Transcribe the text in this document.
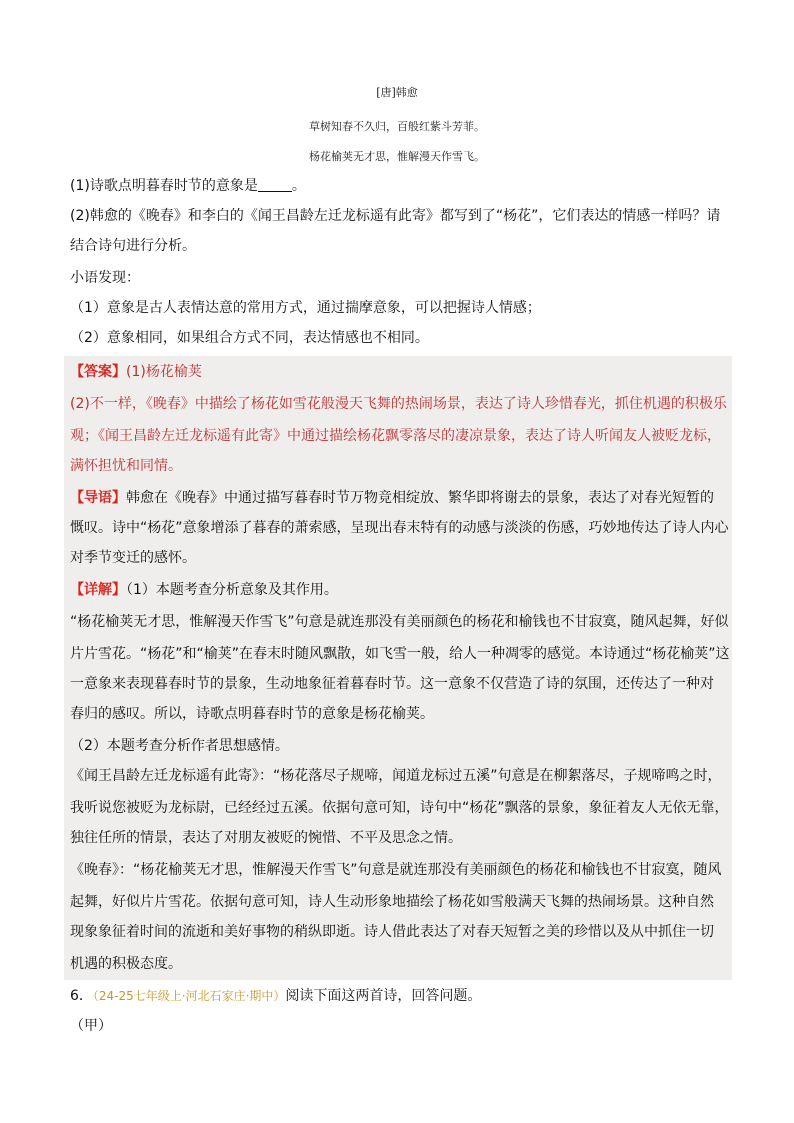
[唐]韩愈
草树知春不久归，百般红紫斗芳菲。
杨花榆荚无才思，惟解漫天作雪飞。
(1)诗歌点明暮春时节的意象是 。
(2)韩愈的《晚春》和李白的《闻王昌龄左迁龙标遥有此寄》都写到了“杨花”，它们表达的情感一样吗？请
结合诗句进行分析。
小语发现：
（1）意象是古人表情达意的常用方式，通过揣摩意象，可以把握诗人情感；
（2）意象相同，如果组合方式不同，表达情感也不相同。
【答案】(1)杨花榆荚
(2)不一样，《晚春》中描绘了杨花如雪花般漫天飞舞的热闹场景，表达了诗人珍惜春光，抓住机遇的积极乐
观；《闻王昌龄左迁龙标遥有此寄》中通过描绘杨花飘零落尽的凄凉景象，表达了诗人听闻友人被贬龙标，
满怀担忧和同情。
【导语】韩愈在《晚春》中通过描写暮春时节万物竞相绽放、繁华即将谢去的景象，表达了对春光短暂的
慨叹。诗中“杨花”意象增添了暮春的萧索感，呈现出春末特有的动感与淡淡的伤感，巧妙地传达了诗人内心
对季节变迁的感怀。
【详解】（1）本题考查分析意象及其作用。
“杨花榆荚无才思，惟解漫天作雪飞”句意是就连那没有美丽颜色的杨花和榆钱也不甘寂寞，随风起舞，好似
片片雪花。“杨花”和“榆荚”在春末时随风飘散，如飞雪一般，给人一种凋零的感觉。本诗通过“杨花榆荚”这
一意象来表现暮春时节的景象，生动地象征着暮春时节。这一意象不仅营造了诗的氛围，还传达了一种对
春归的感叹。所以，诗歌点明暮春时节的意象是杨花榆荚。
（2）本题考查分析作者思想感情。
《闻王昌龄左迁龙标遥有此寄》：“杨花落尽子规啼，闻道龙标过五溪”句意是在柳絮落尽，子规啼鸣之时，
我听说您被贬为龙标尉，已经经过五溪。依据句意可知，诗句中“杨花”飘落的景象，象征着友人无依无靠，
独往任所的情景，表达了对朋友被贬的惋惜、不平及思念之情。
《晚春》：“杨花榆荚无才思，惟解漫天作雪飞”句意是就连那没有美丽颜色的杨花和榆钱也不甘寂寞，随风
起舞，好似片片雪花。依据句意可知，诗人生动形象地描绘了杨花如雪般满天飞舞的热闹场景。这种自然
现象象征着时间的流逝和美好事物的稍纵即逝。诗人借此表达了对春天短暂之美的珍惜以及从中抓住一切
机遇的积极态度。
6．（24-25七年级上·河北石家庄·期中）阅读下面这两首诗，回答问题。
（甲）
